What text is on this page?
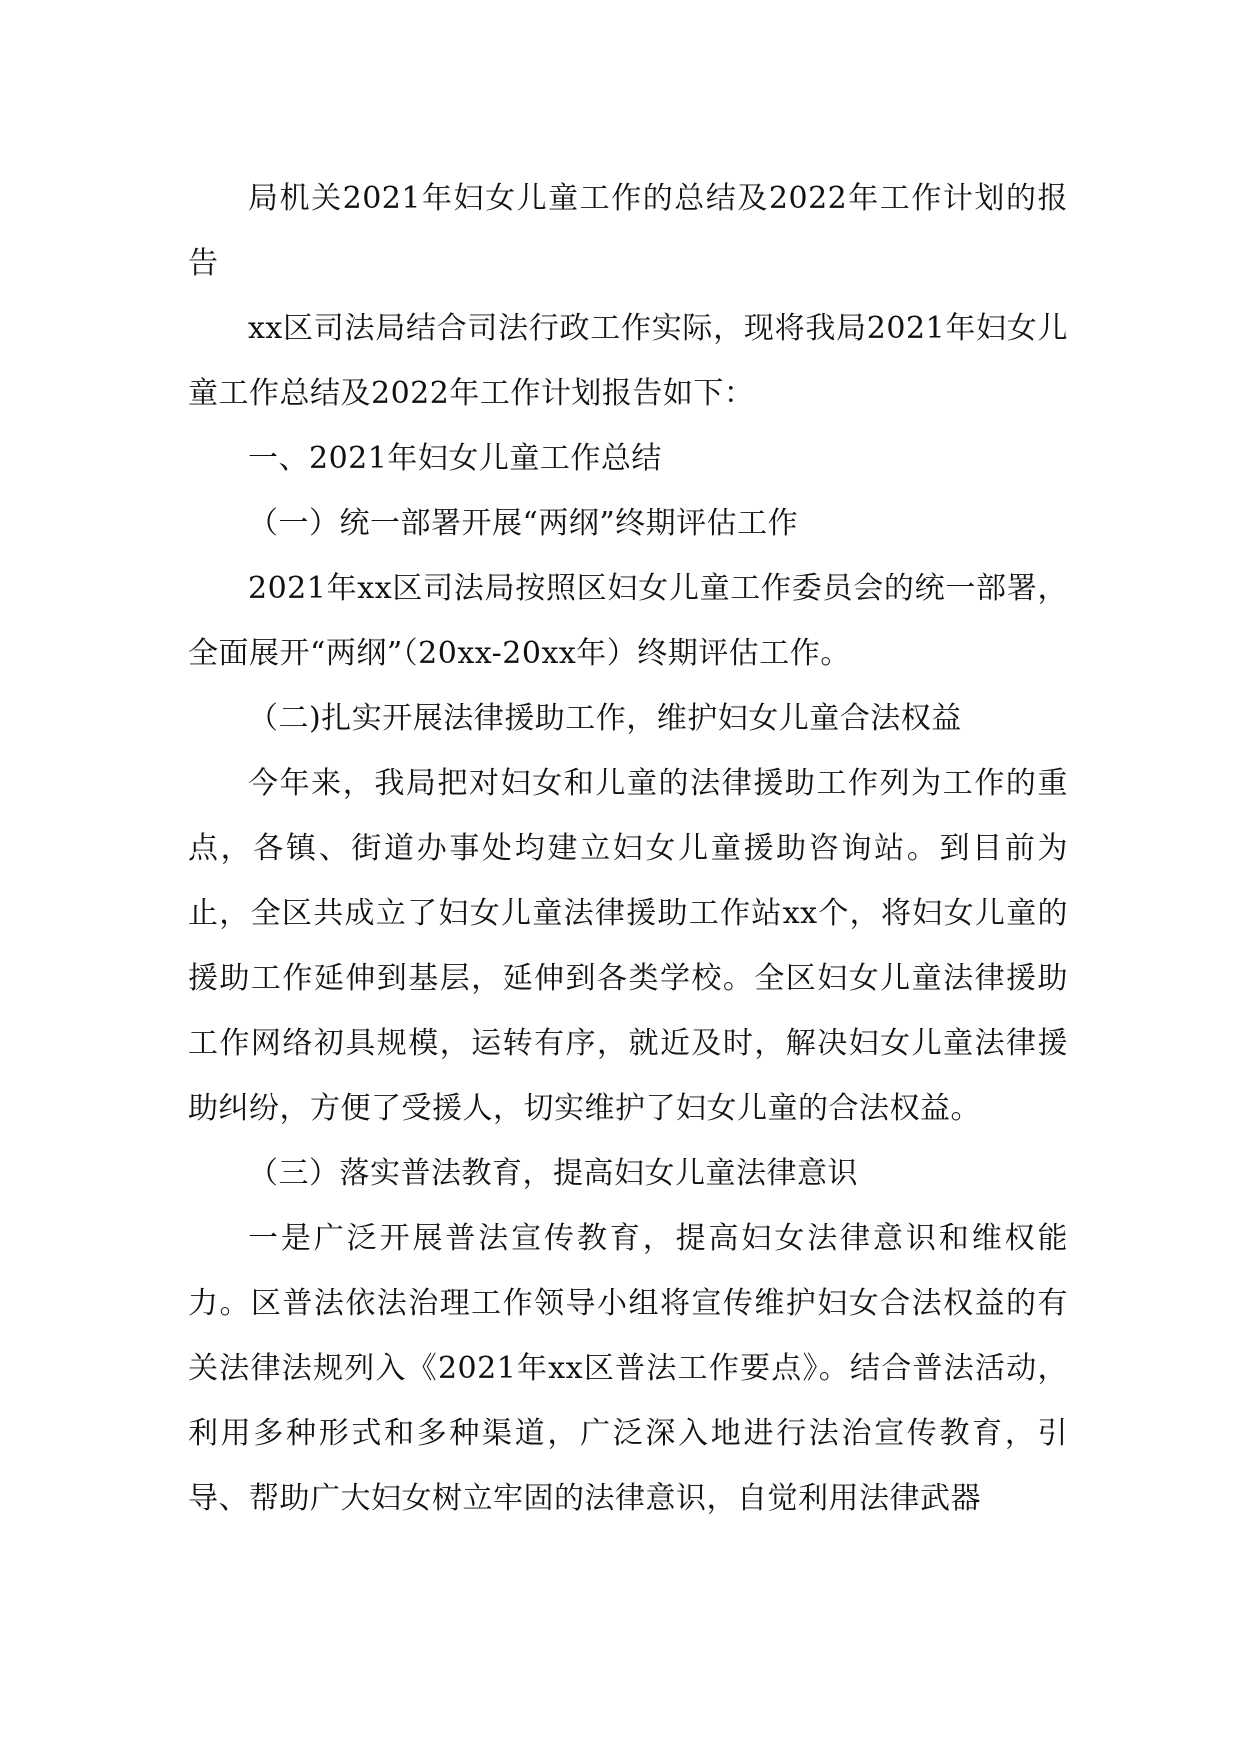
局机关2021年妇女儿童工作的总结及2022年工作计划的报告

xx区司法局结合司法行政工作实际，现将我局2021年妇女儿童工作总结及2022年工作计划报告如下：

一、2021年妇女儿童工作总结

（一）统一部署开展“两纲”终期评估工作

2021年xx区司法局按照区妇女儿童工作委员会的统一部署，全面展开“两纲”（20xx-20xx年）终期评估工作。

（二)扎实开展法律援助工作，维护妇女儿童合法权益

今年来，我局把对妇女和儿童的法律援助工作列为工作的重点，各镇、街道办事处均建立妇女儿童援助咨询站。到目前为止，全区共成立了妇女儿童法律援助工作站xx个，将妇女儿童的援助工作延伸到基层，延伸到各类学校。全区妇女儿童法律援助工作网络初具规模，运转有序，就近及时，解决妇女儿童法律援助纠纷，方便了受援人，切实维护了妇女儿童的合法权益。

（三）落实普法教育，提高妇女儿童法律意识

一是广泛开展普法宣传教育，提高妇女法律意识和维权能力。区普法依法治理工作领导小组将宣传维护妇女合法权益的有关法律法规列入《2021年xx区普法工作要点》。结合普法活动，利用多种形式和多种渠道，广泛深入地进行法治宣传教育，引导、帮助广大妇女树立牢固的法律意识，自觉利用法律武器
